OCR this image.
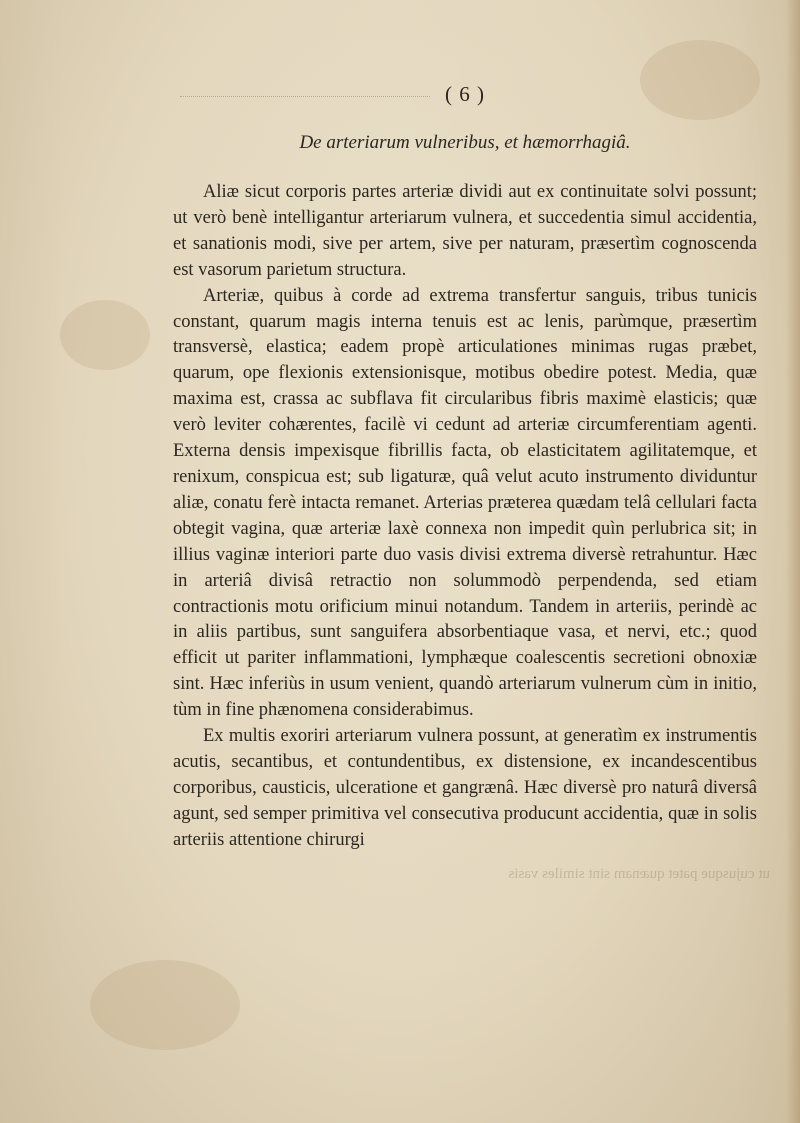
( 6 )
De arteriarum vulneribus, et hæmorrhagiâ.

Aliæ sicut corporis partes arteriæ dividi aut ex continuitate solvi possunt; ut verò benè intelligantur arteriarum vulnera, et succedentia simul accidentia, et sanationis modi, sive per artem, sive per naturam, præsertìm cognoscenda est vasorum parietum structura.

Arteriæ, quibus à corde ad extrema transfertur sanguis, tribus tunicis constant, quarum magis interna tenuis est ac lenis, parùmque, præsertìm transversè, elastica; eadem propè articulationes minimas rugas præbet, quarum, ope flexionis extensionisque, motibus obedire potest. Media, quæ maxima est, crassa ac subflava fit circularibus fibris maximè elasticis; quæ verò leviter cohærentes, facilè vi cedunt ad arteriæ circumferentiam agenti. Externa densis impexisque fibrillis facta, ob elasticitatem agilitatemque, et renixum, conspicua est; sub ligaturæ, quâ velut acuto instrumento dividuntur aliæ, conatu ferè intacta remanet. Arterias præterea quædam telâ cellulari facta obtegit vagina, quæ arteriæ laxè connexa non impedit quìn perlubrica sit; in illius vaginæ interiori parte duo vasis divisi extrema diversè retrahuntur. Hæc in arteriâ divisâ retractio non solummodò perpendenda, sed etiam contractionis motu orificium minui notandum. Tandem in arteriis, perindè ac in aliis partibus, sunt sanguifera absorbentiaque vasa, et nervi, etc.; quod efficit ut pariter inflammationi, lymphæque coalescentis secretioni obnoxiæ sint. Hæc inferiùs in usum venient, quandò arteriarum vulnerum cùm in initio, tùm in fine phænomena considerabimus.

Ex multis exoriri arteriarum vulnera possunt, at generatìm ex instrumentis acutis, secantibus, et contundentibus, ex distensione, ex incandescentibus corporibus, causticis, ulceratione et gangrænâ. Hæc diversè pro naturâ diversâ agunt, sed semper primitiva vel consecutiva producunt accidentia, quæ in solis arteriis attentione chirurgi

ut cujusque patet quænam sint similes vasis
